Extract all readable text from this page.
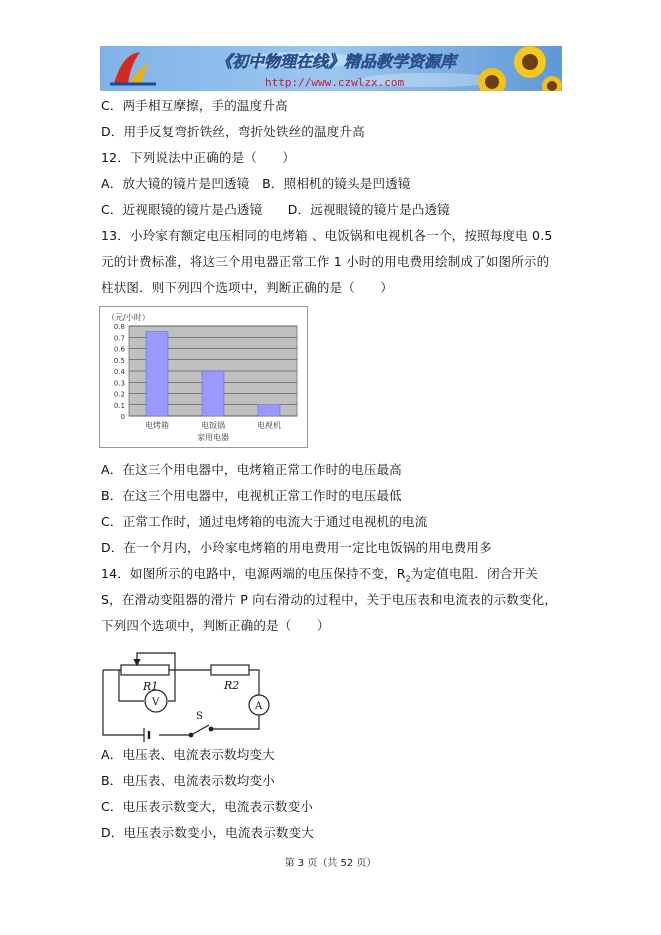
《初中物理在线》精品教学资源库
http://www.czwlzx.com
C．两手相互摩擦，手的温度升高
D．用手反复弯折铁丝，弯折处铁丝的温度升高
12．下列说法中正确的是（　　）
A．放大镜的镜片是凹透镜　B．照相机的镜头是凹透镜
C．近视眼镜的镜片是凸透镜　　D．远视眼镜的镜片是凸透镜
13．小玲家有额定电压相同的电烤箱 、电饭锅和电视机各一个，按照每度电 0.5
元的计费标准，将这三个用电器正常工作 1 小时的用电费用绘制成了如图所示的
柱状图．则下列四个选项中，判断正确的是（　　）
（元/小时）
0.8
0.7
0.6
0.5
0.4
0.3
0.2
0.1
0
电烤箱	电饭锅	电视机
家用电器
A．在这三个用电器中，电烤箱正常工作时的电压最高
B．在这三个用电器中，电视机正常工作时的电压最低
C．正常工作时，通过电烤箱的电流大于通过电视机的电流
D．在一个月内，小玲家电烤箱的用电费用一定比电饭锅的用电费用多
14．如图所示的电路中，电源两端的电压保持不变，$R_2$为定值电阻．闭合开关
S，在滑动变阻器的滑片 P 向右滑动的过程中，关于电压表和电流表的示数变化，
下列四个选项中，判断正确的是（　　）
R1	R2
V	A
S
A．电压表、电流表示数均变大
B．电压表、电流表示数均变小
C．电压表示数变大，电流表示数变小
D．电压表示数变小，电流表示数变大
第 3 页（共 52 页）
